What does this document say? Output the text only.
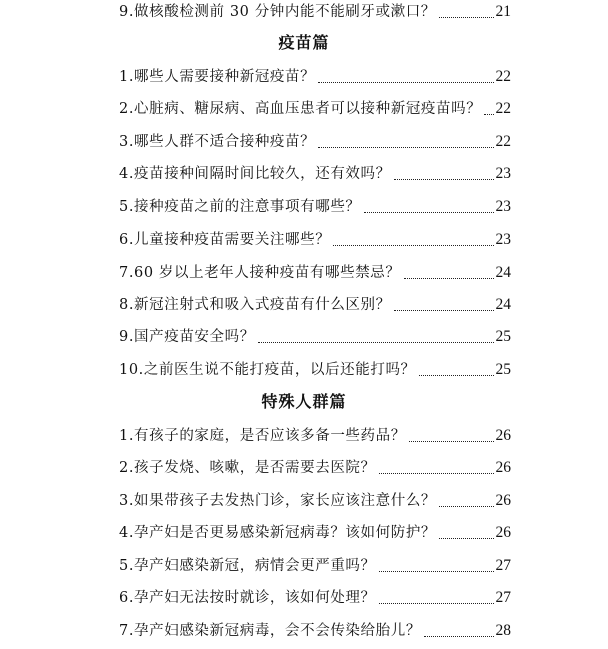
9.做核酸检测前 30 分钟内能不能刷牙或漱口？	21
疫苗篇
1.哪些人需要接种新冠疫苗？	22
2.心脏病、糖尿病、高血压患者可以接种新冠疫苗吗？ 22
3.哪些人群不适合接种疫苗？	22
4.疫苗接种间隔时间比较久，还有效吗？	23
5.接种疫苗之前的注意事项有哪些？	23
6.儿童接种疫苗需要关注哪些？	23
7.60 岁以上老年人接种疫苗有哪些禁忌？	24
8.新冠注射式和吸入式疫苗有什么区别？	24
9.国产疫苗安全吗？	25
10.之前医生说不能打疫苗，以后还能打吗？	25
特殊人群篇
1.有孩子的家庭，是否应该多备一些药品？	26
2.孩子发烧、咳嗽，是否需要去医院？	26
3.如果带孩子去发热门诊，家长应该注意什么？	26
4.孕产妇是否更易感染新冠病毒？该如何防护？	26
5.孕产妇感染新冠，病情会更严重吗？	27
6.孕产妇无法按时就诊，该如何处理？	27
7.孕产妇感染新冠病毒，会不会传染给胎儿？	28
